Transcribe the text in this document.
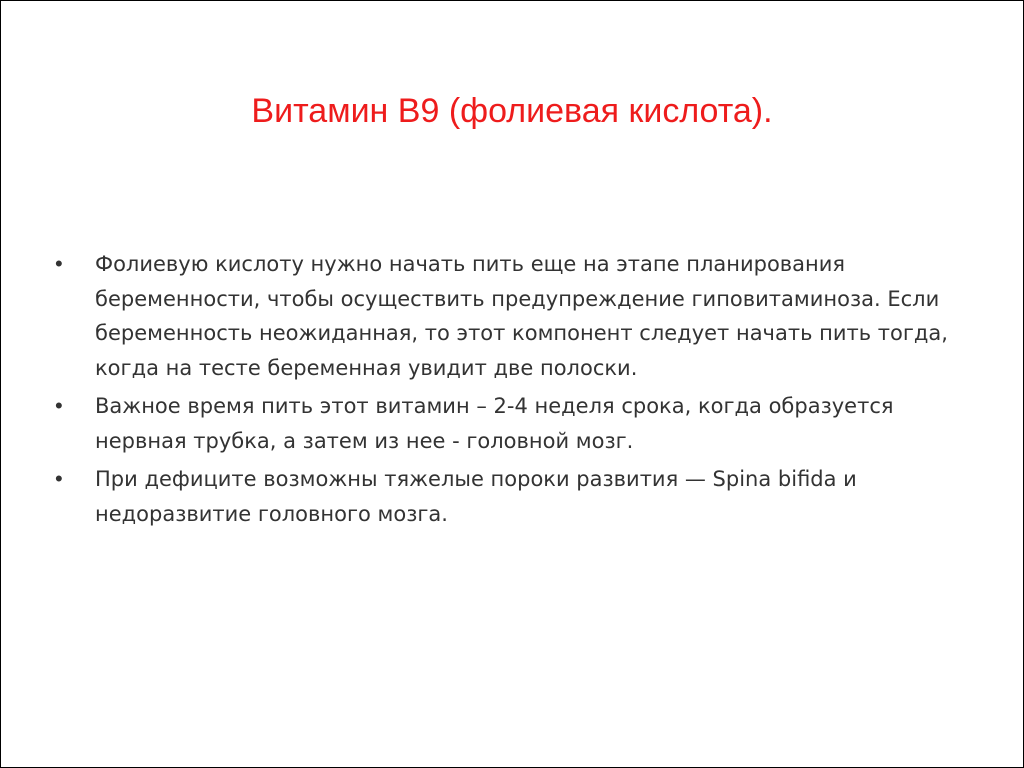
Витамин В9 (фолиевая кислота).
•	Фолиевую кислоту нужно начать пить еще на этапе планирования беременности, чтобы осуществить предупреждение гиповитаминоза. Если беременность неожиданная, то этот компонент следует начать пить тогда, когда на тесте беременная увидит две полоски.
•	Важное время пить этот витамин – 2-4 неделя срока, когда образуется нервная трубка, а затем из нее - головной мозг.
•	При дефиците возможны тяжелые пороки развития — Spina bifida и недоразвитие головного мозга.
